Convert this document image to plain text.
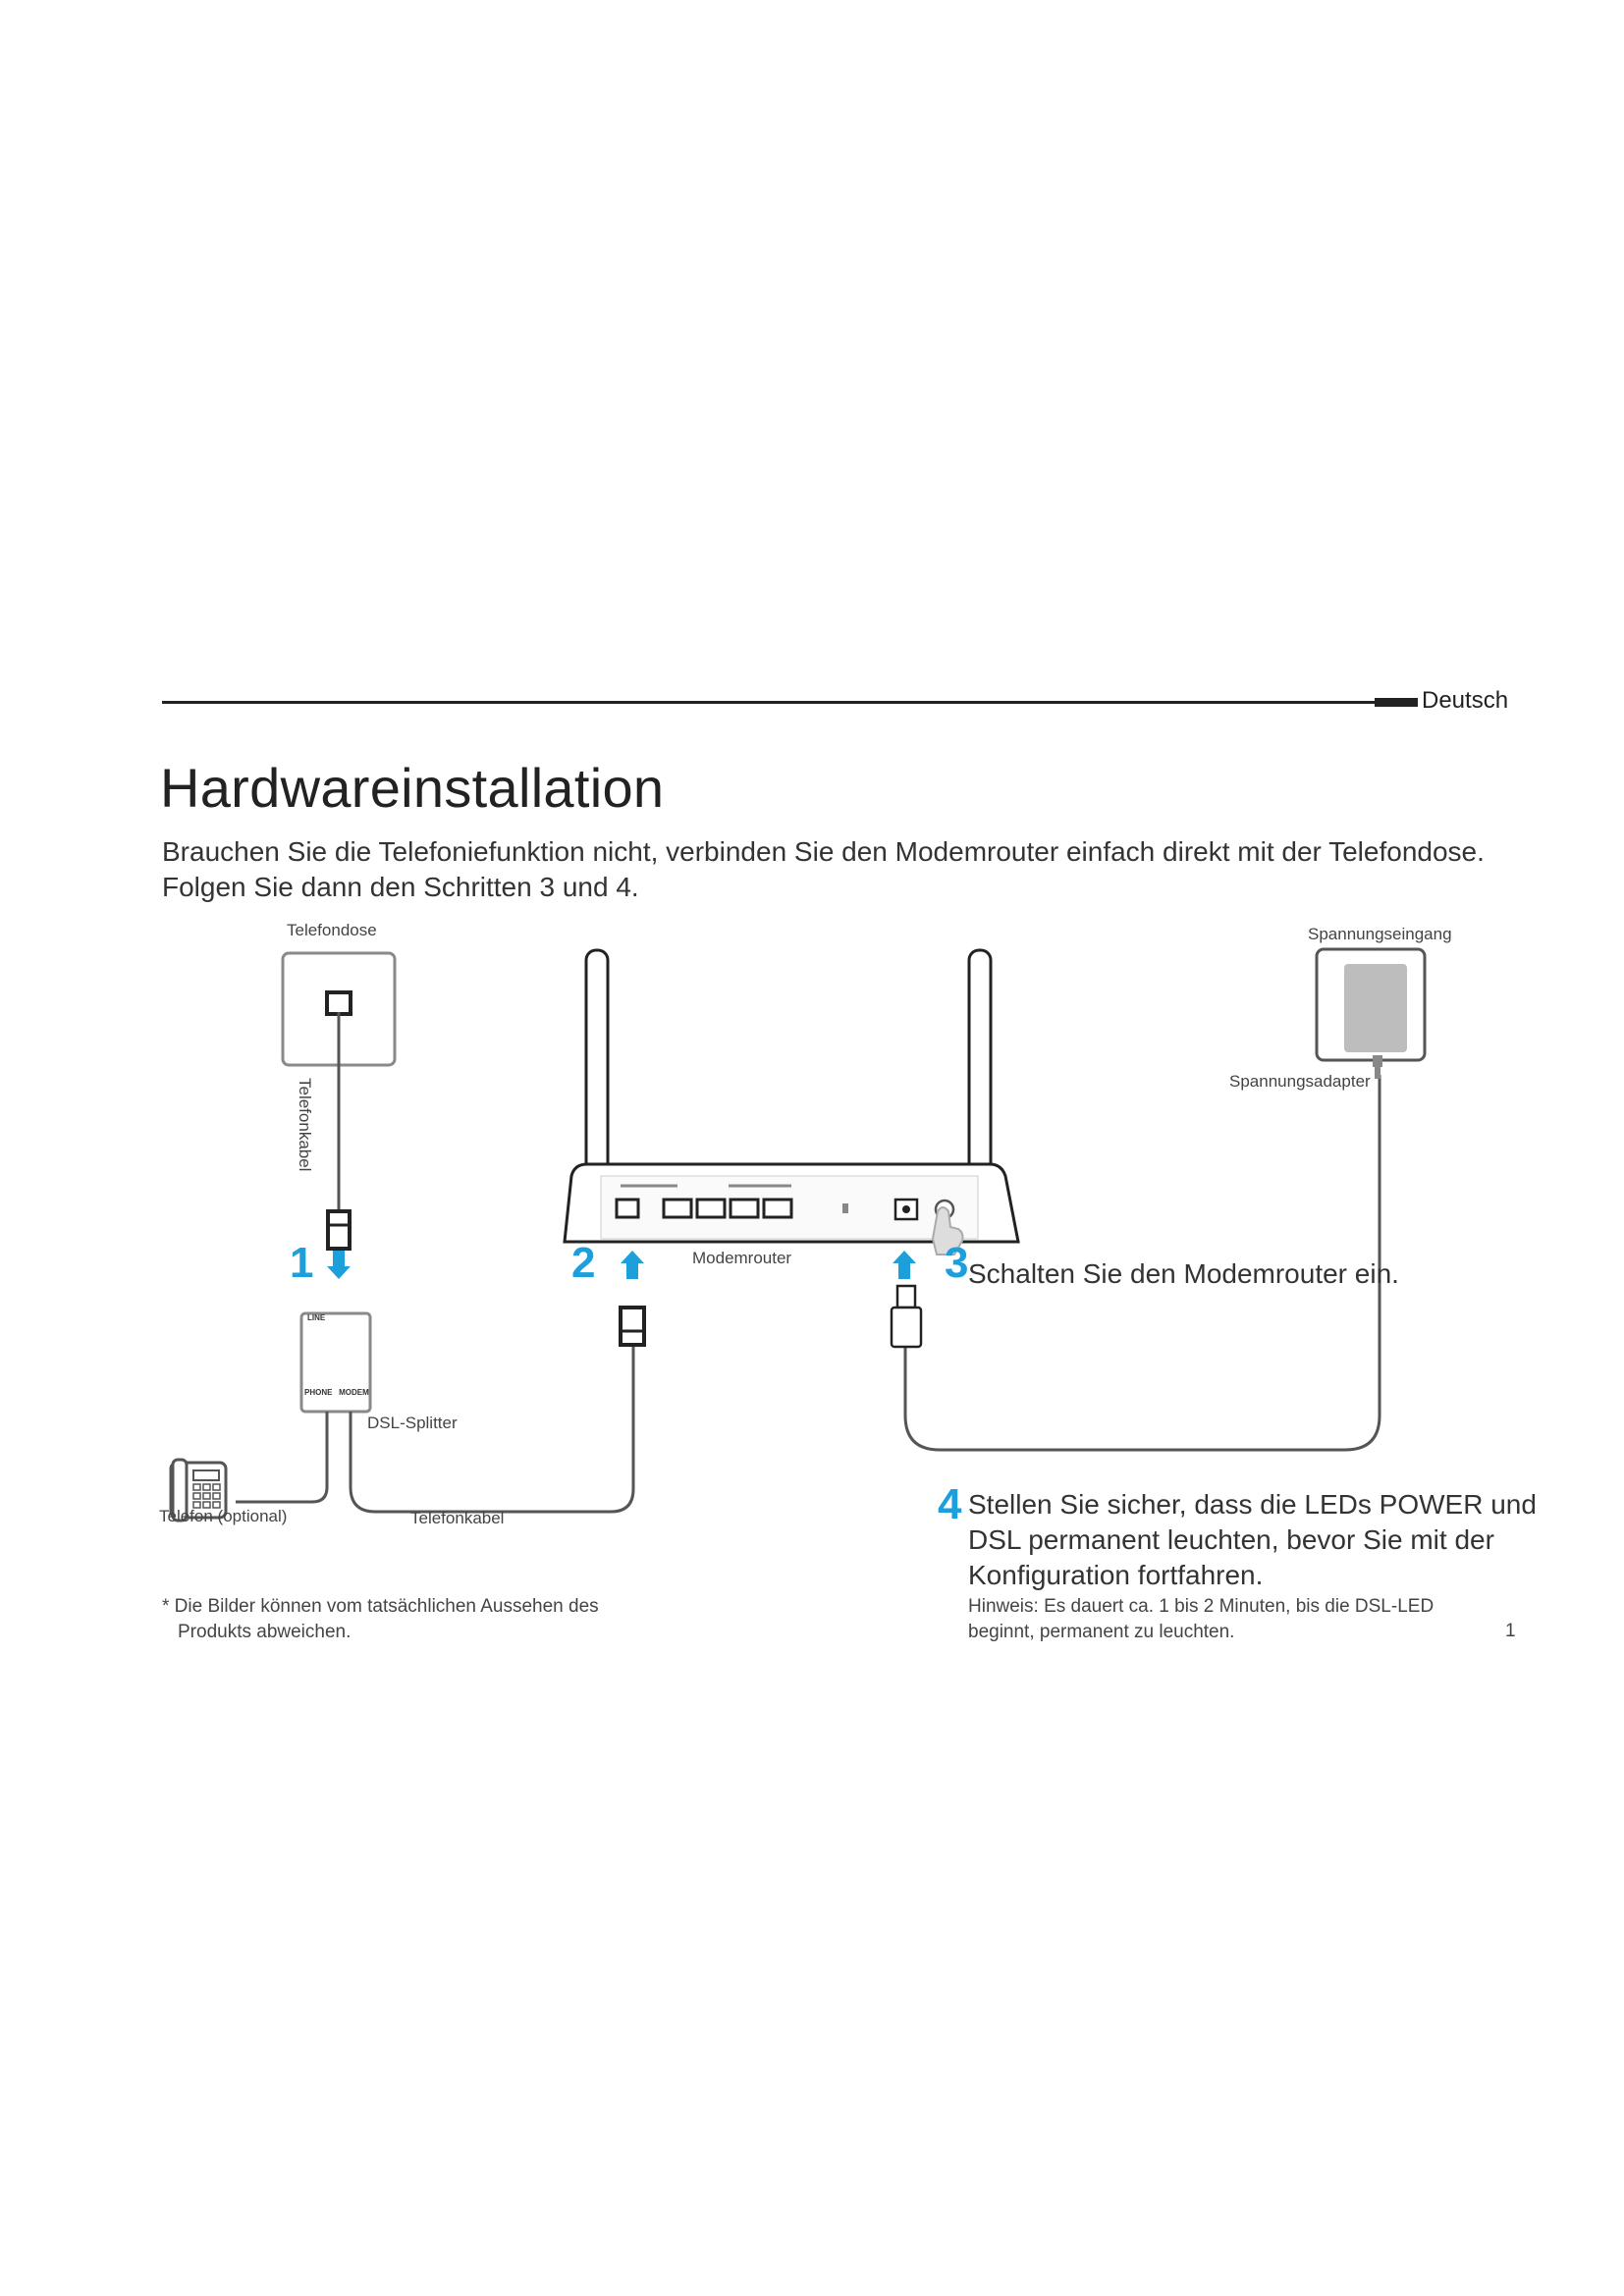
Deutsch
Hardwareinstallation
Brauchen Sie die Telefoniefunktion nicht, verbinden Sie den Modemrouter einfach direkt mit der Telefondose.
Folgen Sie dann den Schritten 3 und 4.
Telefondose
Telefonkabel
LINE
PHONE   MODEM
DSL-Splitter
Telefon (optional)	Telefonkabel
Modemrouter
Spannungseingang
Spannungsadapter
1	2	3 Schalten Sie den Modemrouter ein.
4 Stellen Sie sicher, dass die LEDs POWER und
DSL permanent leuchten, bevor Sie mit der
Konfiguration fortfahren.
Hinweis: Es dauert ca. 1 bis 2 Minuten, bis die DSL-LED
beginnt, permanent zu leuchten.
* Die Bilder können vom tatsächlichen Aussehen des
Produkts abweichen.	1
